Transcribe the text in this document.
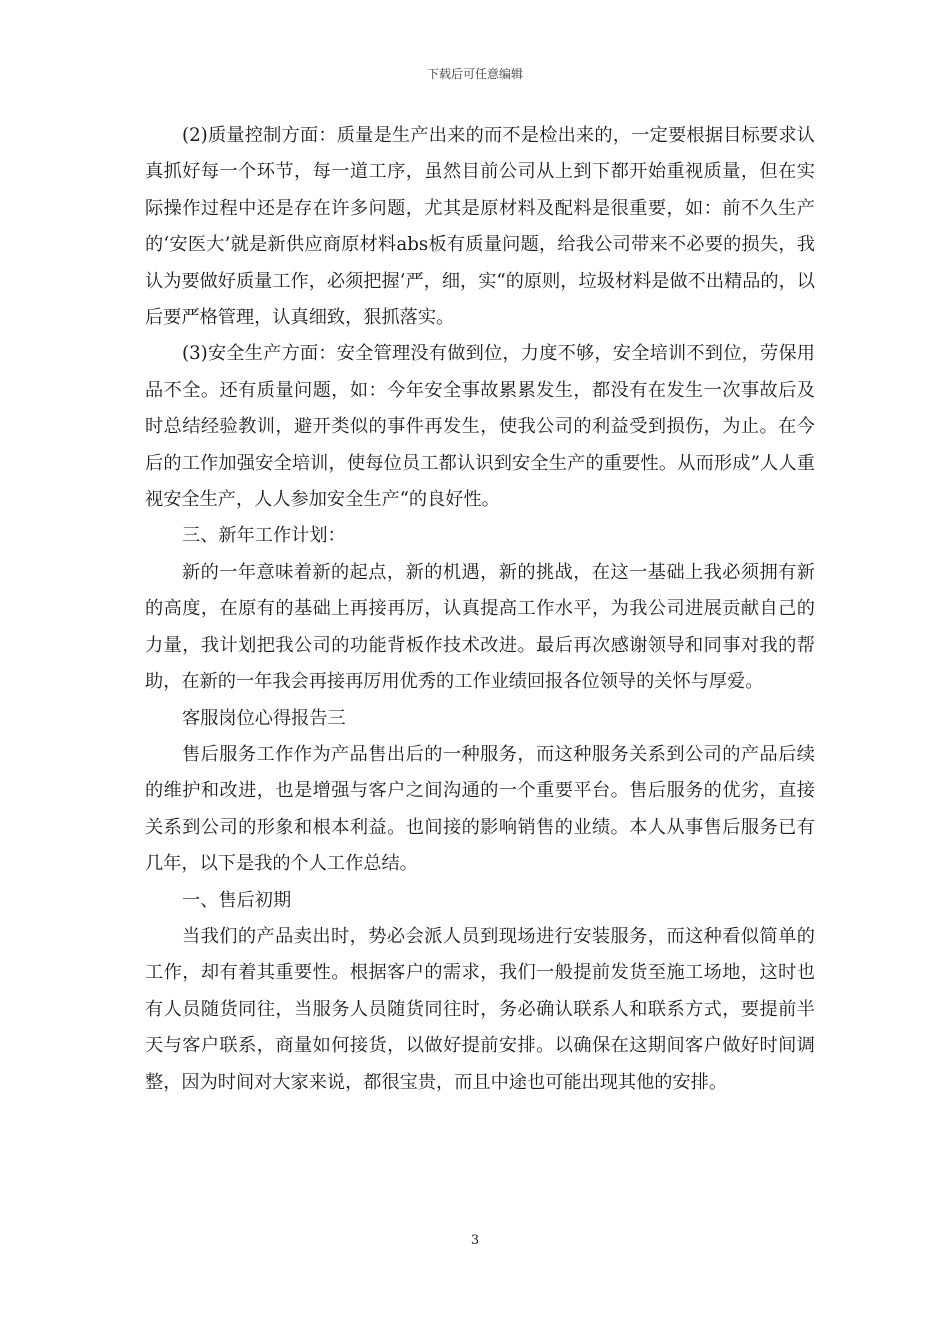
下载后可任意编辑

(2)质量控制方面：质量是生产出来的而不是检出来的，一定要根据目标要求认真抓好每一个环节，每一道工序，虽然目前公司从上到下都开始重视质量，但在实际操作过程中还是存在许多问题，尤其是原材料及配料是很重要，如：前不久生产的‘安医大’就是新供应商原材料abs板有质量问题，给我公司带来不必要的损失，我认为要做好质量工作，必须把握‘严，细，实“的原则，垃圾材料是做不出精品的，以后要严格管理，认真细致，狠抓落实。

(3)安全生产方面：安全管理没有做到位，力度不够，安全培训不到位，劳保用品不全。还有质量问题，如：今年安全事故累累发生，都没有在发生一次事故后及时总结经验教训，避开类似的事件再发生，使我公司的利益受到损伤，为止。在今后的工作加强安全培训，使每位员工都认识到安全生产的重要性。从而形成”人人重视安全生产，人人参加安全生产“的良好性。

三、新年工作计划：

新的一年意味着新的起点，新的机遇，新的挑战，在这一基础上我必须拥有新的高度，在原有的基础上再接再厉，认真提高工作水平，为我公司进展贡献自己的力量，我计划把我公司的功能背板作技术改进。最后再次感谢领导和同事对我的帮助，在新的一年我会再接再厉用优秀的工作业绩回报各位领导的关怀与厚爱。

客服岗位心得报告三

售后服务工作作为产品售出后的一种服务，而这种服务关系到公司的产品后续的维护和改进，也是增强与客户之间沟通的一个重要平台。售后服务的优劣，直接关系到公司的形象和根本利益。也间接的影响销售的业绩。本人从事售后服务已有几年，以下是我的个人工作总结。

一、售后初期

当我们的产品卖出时，势必会派人员到现场进行安装服务，而这种看似简单的工作，却有着其重要性。根据客户的需求，我们一般提前发货至施工场地，这时也有人员随货同往，当服务人员随货同往时，务必确认联系人和联系方式，要提前半天与客户联系，商量如何接货，以做好提前安排。以确保在这期间客户做好时间调整，因为时间对大家来说，都很宝贵，而且中途也可能出现其他的安排。

3
